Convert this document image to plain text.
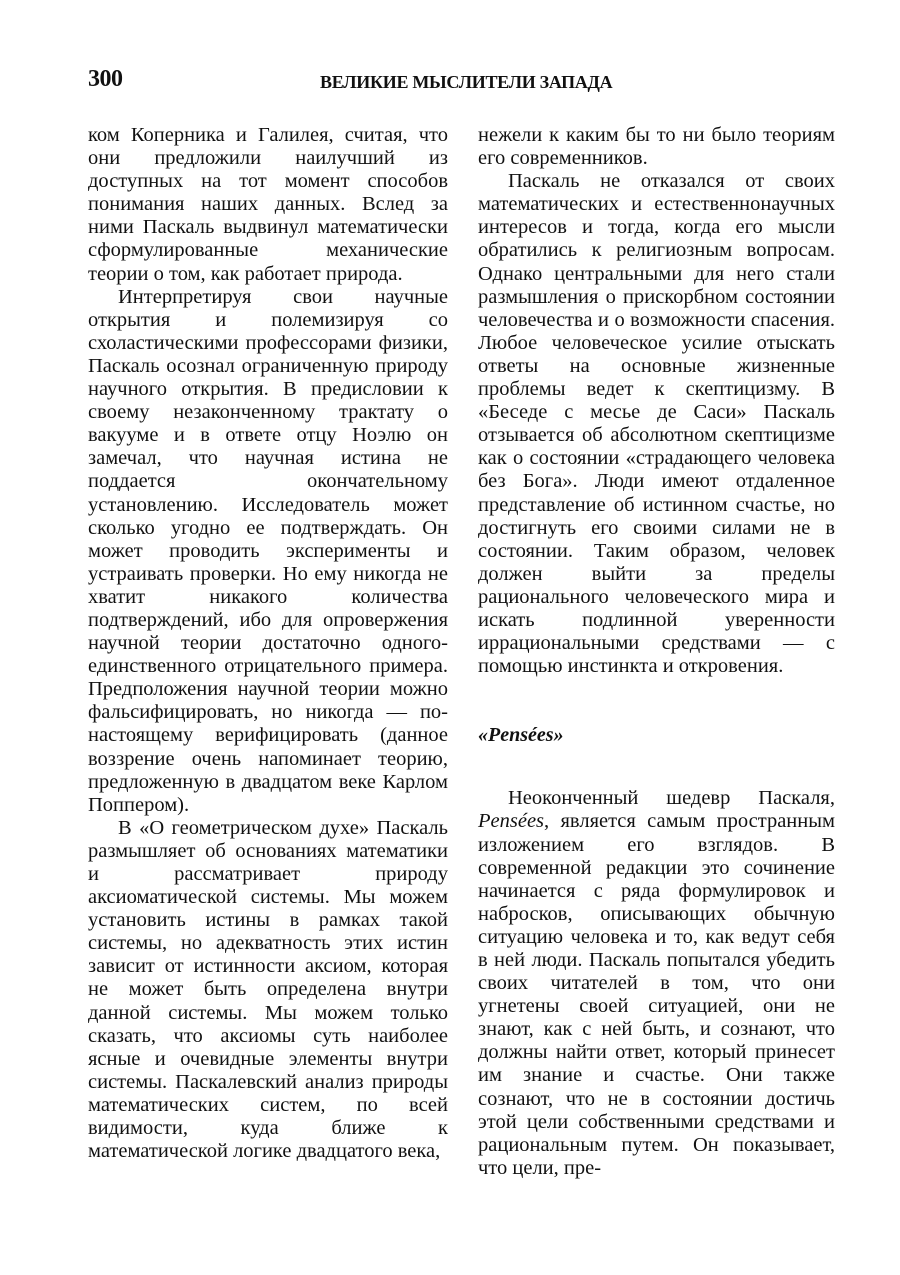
300	ВЕЛИКИЕ МЫСЛИТЕЛИ ЗАПАДА

ком Коперника и Галилея, считая, что они предложили наилучший из доступных на тот момент способов понимания наших данных. Вслед за ними Паскаль выдвинул математически сформулированные механические теории о том, как работает природа.

Интерпретируя свои научные открытия и полемизируя со схоластическими профессорами физики, Паскаль осознал ограниченную природу научного открытия. В предисловии к своему незаконченному трактату о вакууме и в ответе отцу Ноэлю он замечал, что научная истина не поддается окончательному установлению. Исследователь может сколько угодно ее подтверждать. Он может проводить эксперименты и устраивать проверки. Но ему никогда не хватит никакого количества подтверждений, ибо для опровержения научной теории достаточно одного-единственного отрицательного примера. Предположения научной теории можно фальсифицировать, но никогда — по-настоящему верифицировать (данное воззрение очень напоминает теорию, предложенную в двадцатом веке Карлом Поппером).

В «О геометрическом духе» Паскаль размышляет об основаниях математики и рассматривает природу аксиоматической системы. Мы можем установить истины в рамках такой системы, но адекватность этих истин зависит от истинности аксиом, которая не может быть определена внутри данной системы. Мы можем только сказать, что аксиомы суть наиболее ясные и очевидные элементы внутри системы. Паскалевский анализ природы математических систем, по всей видимости, куда ближе к математической логике двадцатого века,

нежели к каким бы то ни было теориям его современников.

Паскаль не отказался от своих математических и естественнонаучных интересов и тогда, когда его мысли обратились к религиозным вопросам. Однако центральными для него стали размышления о прискорбном состоянии человечества и о возможности спасения. Любое человеческое усилие отыскать ответы на основные жизненные проблемы ведет к скептицизму. В «Беседе с месье де Саси» Паскаль отзывается об абсолютном скептицизме как о состоянии «страдающего человека без Бога». Люди имеют отдаленное представление об истинном счастье, но достигнуть его своими силами не в состоянии. Таким образом, человек должен выйти за пределы рационального человеческого мира и искать подлинной уверенности иррациональными средствами — с помощью инстинкта и откровения.

«Pensées»

Неоконченный шедевр Паскаля, Pensées, является самым пространным изложением его взглядов. В современной редакции это сочинение начинается с ряда формулировок и набросков, описывающих обычную ситуацию человека и то, как ведут себя в ней люди. Паскаль попытался убедить своих читателей в том, что они угнетены своей ситуацией, они не знают, как с ней быть, и сознают, что должны найти ответ, который принесет им знание и счастье. Они также сознают, что не в состоянии достичь этой цели собственными средствами и рациональным путем. Он показывает, что цели, пре-
